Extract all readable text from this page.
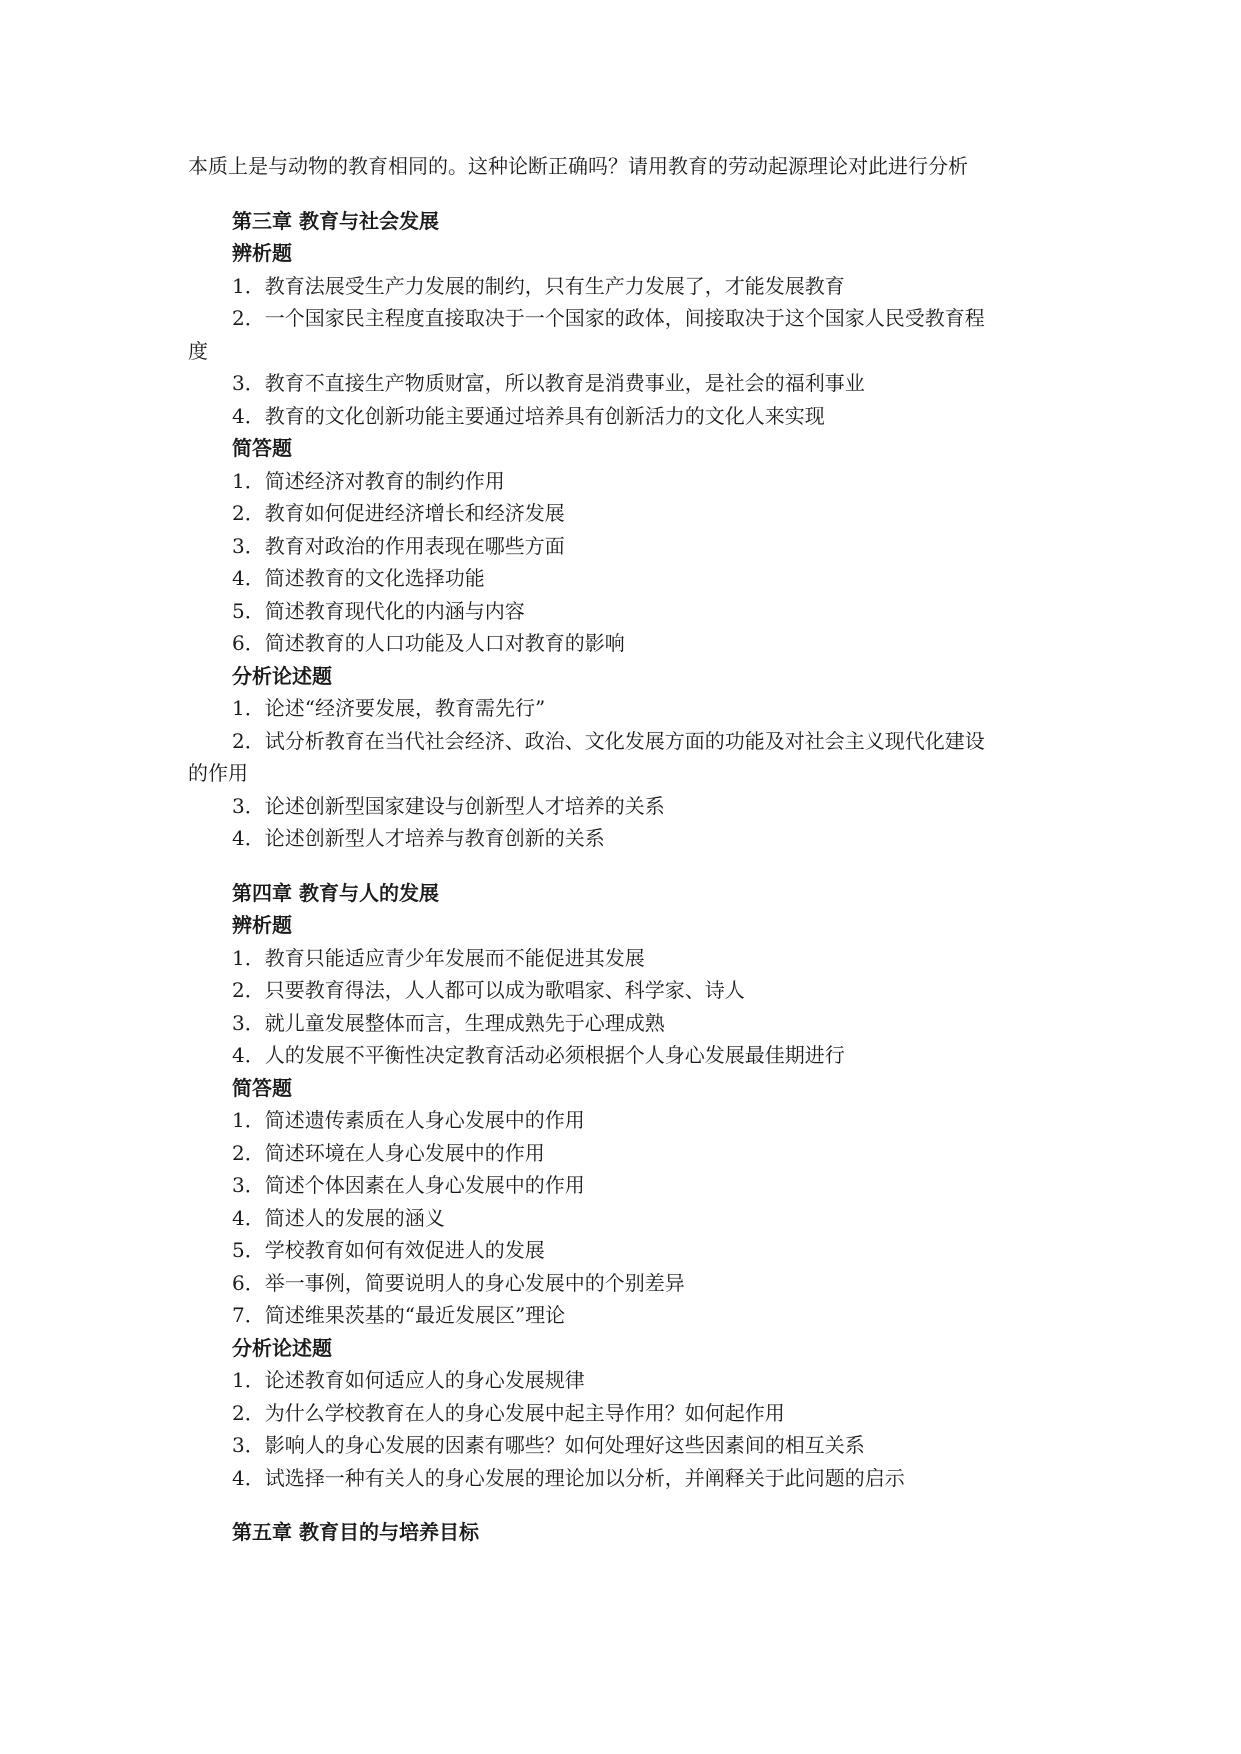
本质上是与动物的教育相同的。这种论断正确吗？请用教育的劳动起源理论对此进行分析
第三章 教育与社会发展
辨析题
1．教育法展受生产力发展的制约，只有生产力发展了，才能发展教育
2．一个国家民主程度直接取决于一个国家的政体，间接取决于这个国家人民受教育程
度
3．教育不直接生产物质财富，所以教育是消费事业，是社会的福利事业
4．教育的文化创新功能主要通过培养具有创新活力的文化人来实现
简答题
1．简述经济对教育的制约作用
2．教育如何促进经济增长和经济发展
3．教育对政治的作用表现在哪些方面
4．简述教育的文化选择功能
5．简述教育现代化的内涵与内容
6．简述教育的人口功能及人口对教育的影响
分析论述题
1．论述“经济要发展，教育需先行”
2．试分析教育在当代社会经济、政治、文化发展方面的功能及对社会主义现代化建设
的作用
3．论述创新型国家建设与创新型人才培养的关系
4．论述创新型人才培养与教育创新的关系
第四章 教育与人的发展
辨析题
1．教育只能适应青少年发展而不能促进其发展
2．只要教育得法，人人都可以成为歌唱家、科学家、诗人
3．就儿童发展整体而言，生理成熟先于心理成熟
4．人的发展不平衡性决定教育活动必须根据个人身心发展最佳期进行
简答题
1．简述遗传素质在人身心发展中的作用
2．简述环境在人身心发展中的作用
3．简述个体因素在人身心发展中的作用
4．简述人的发展的涵义
5．学校教育如何有效促进人的发展
6．举一事例，简要说明人的身心发展中的个别差异
7．简述维果茨基的“最近发展区”理论
分析论述题
1．论述教育如何适应人的身心发展规律
2．为什么学校教育在人的身心发展中起主导作用？如何起作用
3．影响人的身心发展的因素有哪些？如何处理好这些因素间的相互关系
4．试选择一种有关人的身心发展的理论加以分析，并阐释关于此问题的启示
第五章 教育目的与培养目标
